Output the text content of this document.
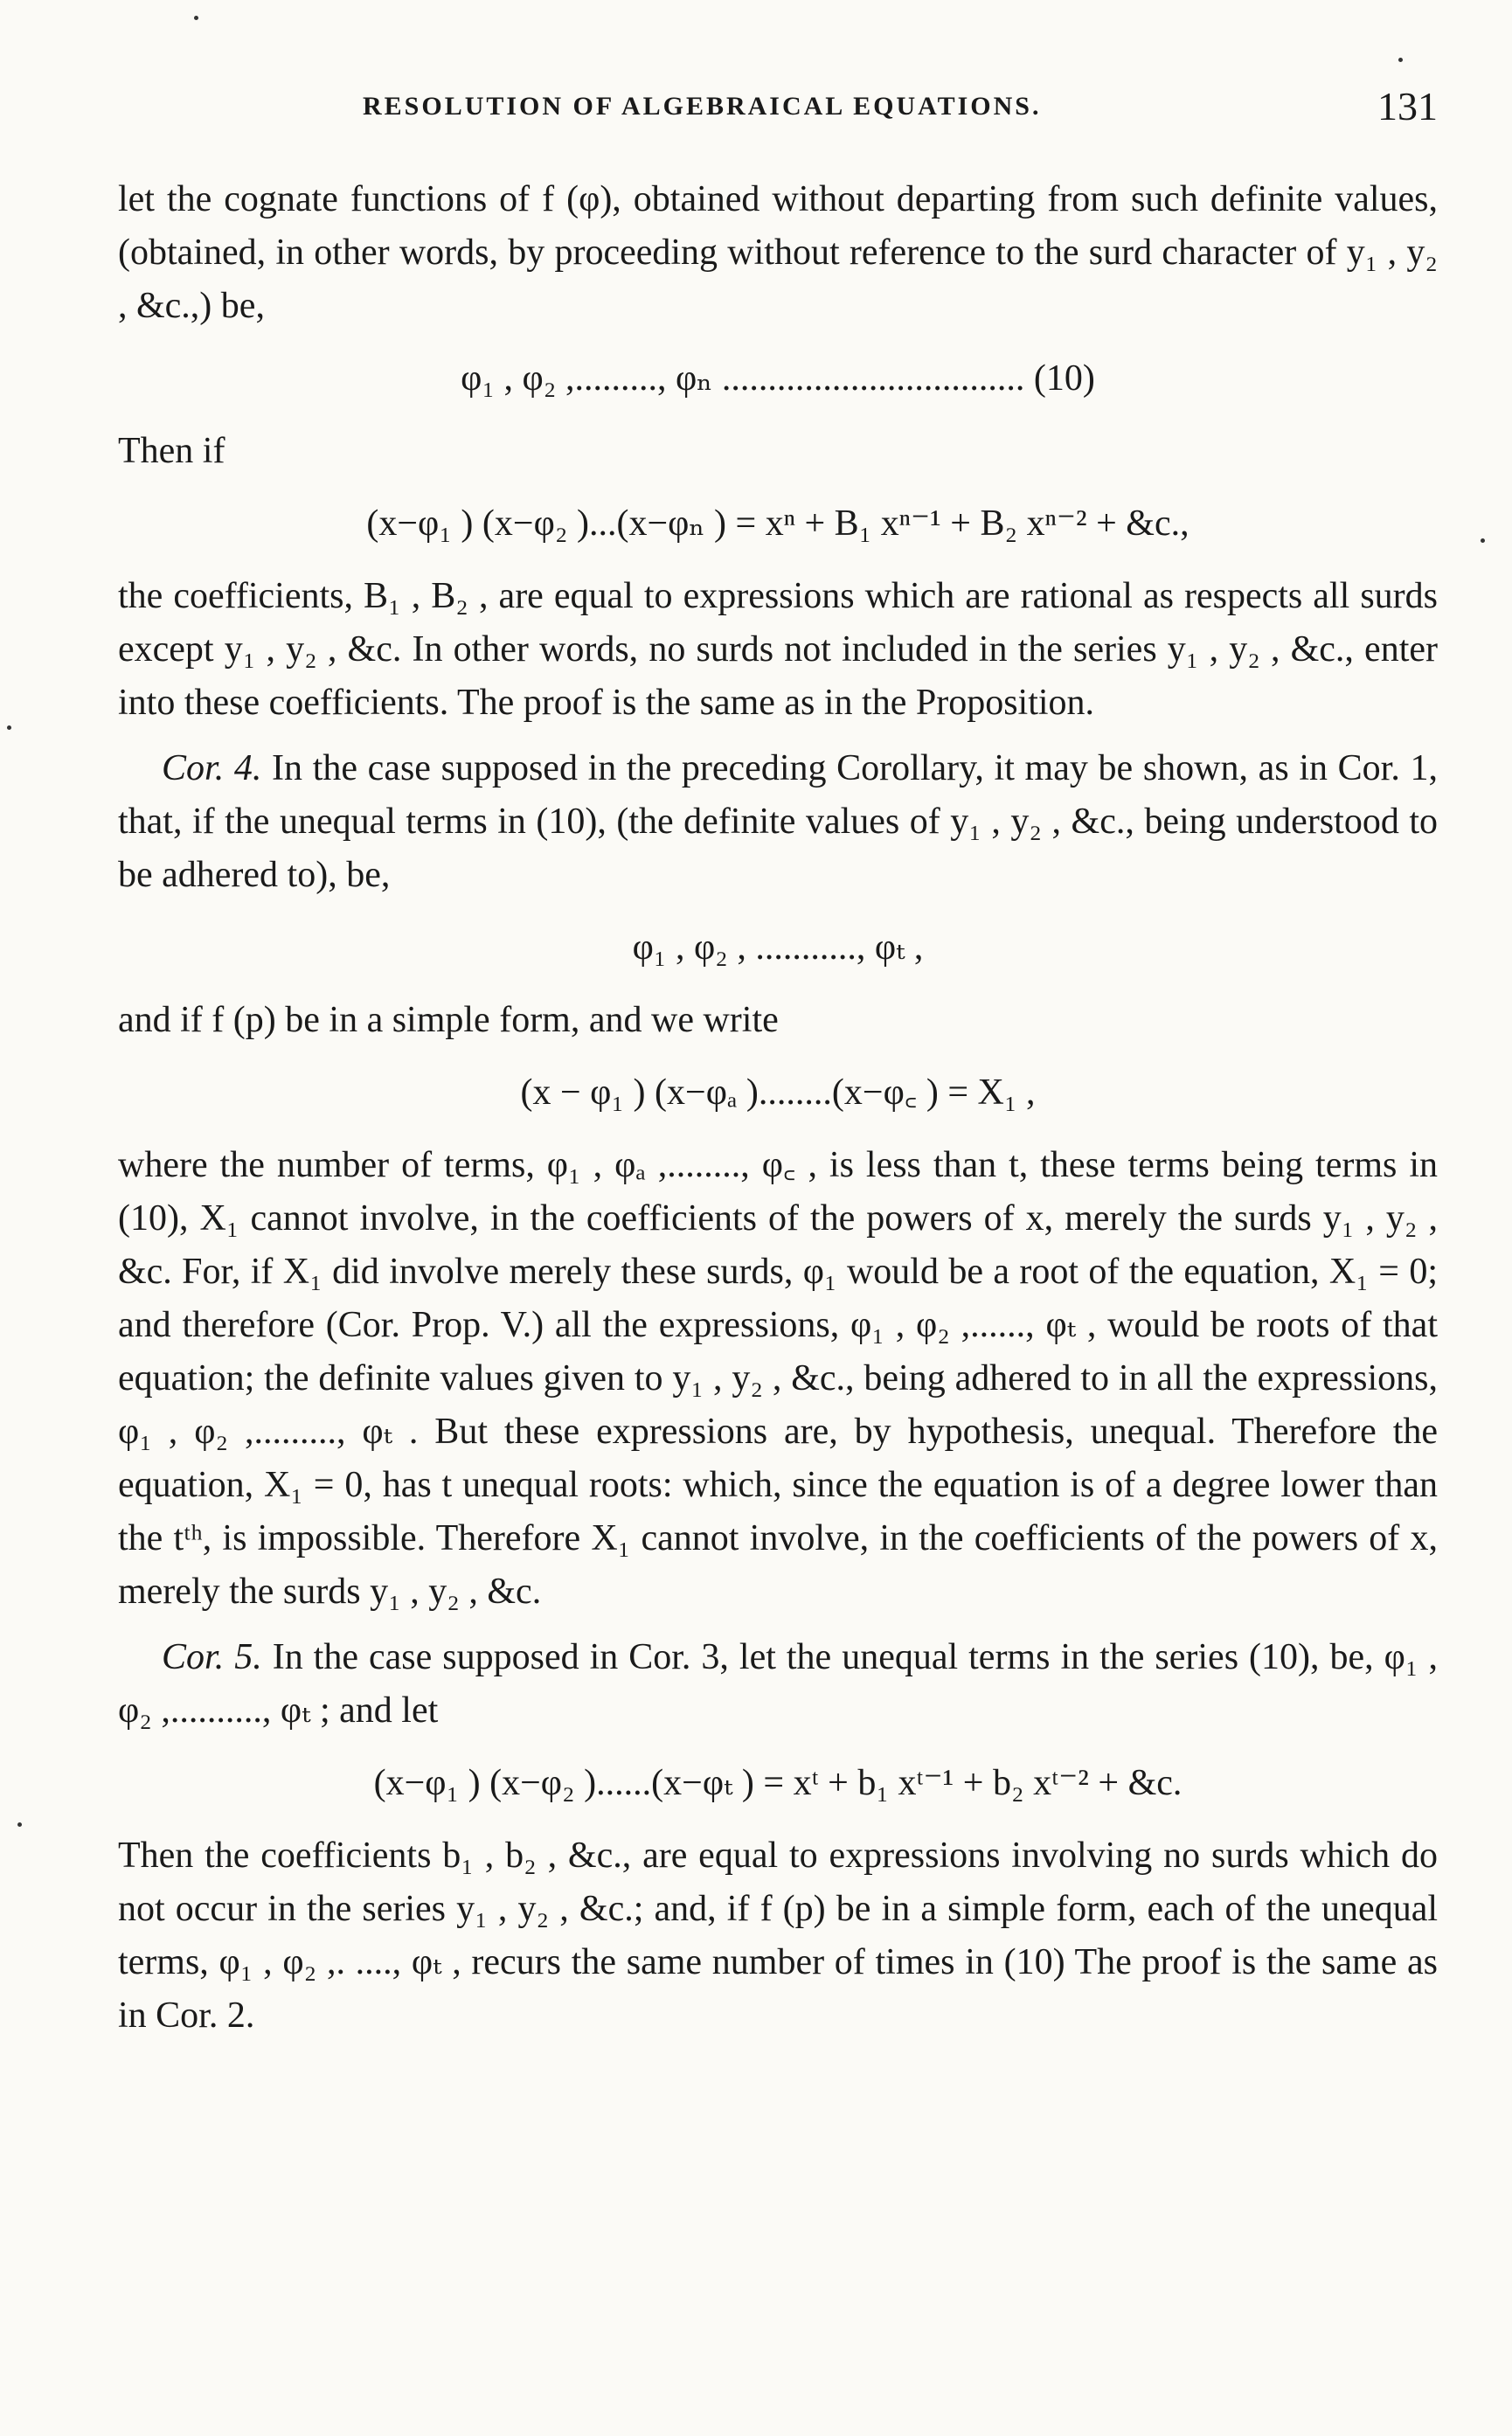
RESOLUTION OF ALGEBRAICAL EQUATIONS.	131

let the cognate functions of f (φ), obtained without departing from such definite values, (obtained, in other words, by proceeding without reference to the surd character of y₁ , y₂ , &c.,) be,

φ₁ , φ₂ ,........., φₙ ................................. (10)

Then if

(x−φ₁ ) (x−φ₂ )...(x−φₙ ) = xⁿ + B₁ xⁿ⁻¹ + B₂ xⁿ⁻² + &c.,

the coefficients, B₁ , B₂ , are equal to expressions which are rational as respects all surds except y₁ , y₂ , &c. In other words, no surds not included in the series y₁ , y₂ , &c., enter into these coefficients. The proof is the same as in the Proposition.

Cor. 4. In the case supposed in the preceding Corollary, it may be shown, as in Cor. 1, that, if the unequal terms in (10), (the definite values of y₁ , y₂ , &c., being understood to be adhered to), be,

φ₁ , φ₂ , ..........., φₜ ,

and if f (p) be in a simple form, and we write

(x − φ₁ ) (x−φₐ )........(x−φ꜀ ) = X₁ ,

where the number of terms, φ₁ , φₐ ,........, φ꜀ , is less than t, these terms being terms in (10), X₁ cannot involve, in the coefficients of the powers of x, merely the surds y₁ , y₂ , &c. For, if X₁ did involve merely these surds, φ₁ would be a root of the equation, X₁ = 0; and therefore (Cor. Prop. V.) all the expressions, φ₁ , φ₂ ,......, φₜ , would be roots of that equation; the definite values given to y₁ , y₂ , &c., being adhered to in all the expressions, φ₁ , φ₂ ,........., φₜ . But these expressions are, by hypothesis, unequal. Therefore the equation, X₁ = 0, has t unequal roots: which, since the equation is of a degree lower than the tᵗʰ, is impossible. Therefore X₁ cannot involve, in the coefficients of the powers of x, merely the surds y₁ , y₂ , &c.

Cor. 5. In the case supposed in Cor. 3, let the unequal terms in the series (10), be, φ₁ , φ₂ ,.........., φₜ ; and let

(x−φ₁ ) (x−φ₂ )......(x−φₜ ) = xᵗ + b₁ xᵗ⁻¹ + b₂ xᵗ⁻² + &c.

Then the coefficients b₁ , b₂ , &c., are equal to expressions involving no surds which do not occur in the series y₁ , y₂ , &c.; and, if f (p) be in a simple form, each of the unequal terms, φ₁ , φ₂ ,. ...., φₜ , recurs the same number of times in (10) The proof is the same as in Cor. 2.
